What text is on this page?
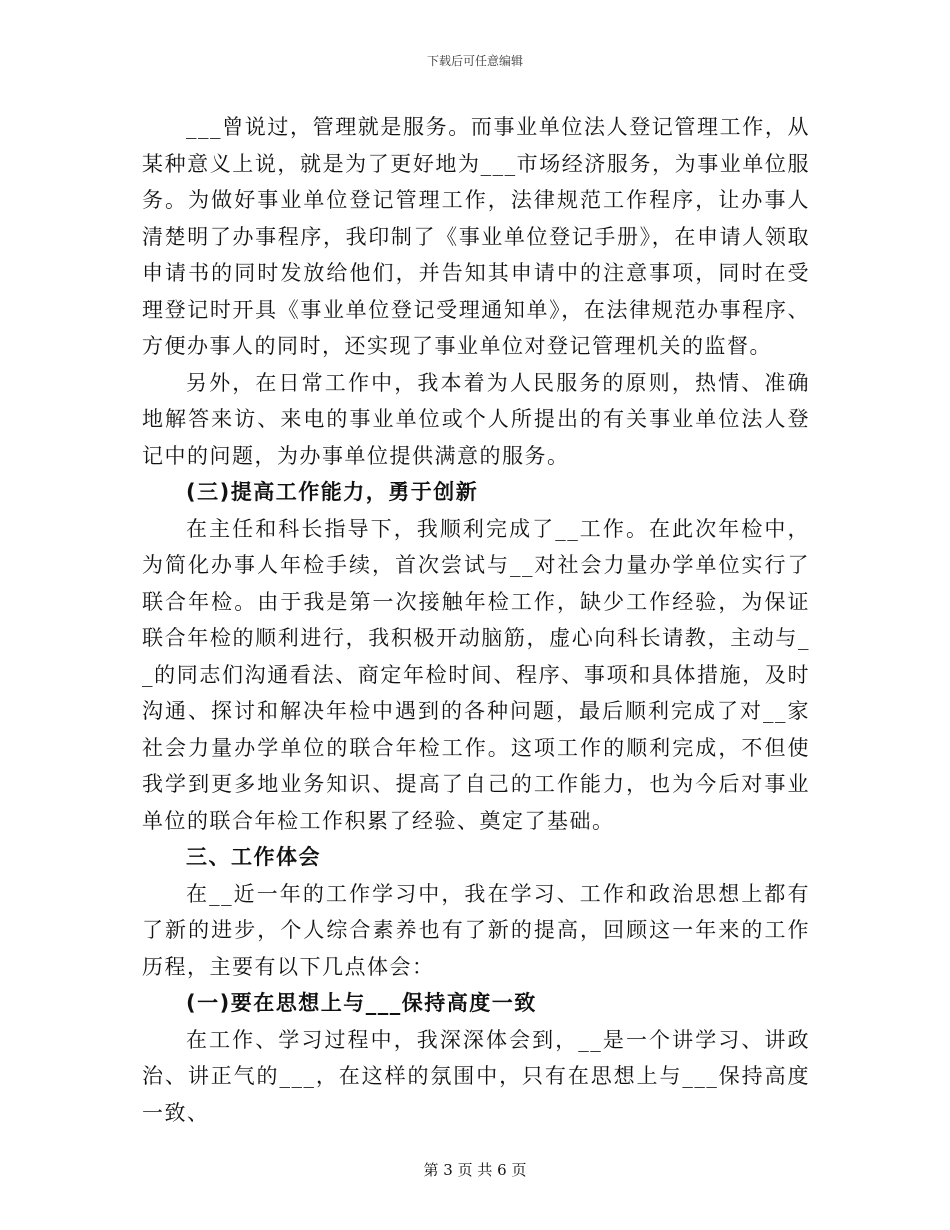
下载后可任意编辑

___曾说过，管理就是服务。而事业单位法人登记管理工作，从某种意义上说，就是为了更好地为___市场经济服务，为事业单位服务。为做好事业单位登记管理工作，法律规范工作程序，让办事人清楚明了办事程序，我印制了《事业单位登记手册》，在申请人领取申请书的同时发放给他们，并告知其申请中的注意事项，同时在受理登记时开具《事业单位登记受理通知单》，在法律规范办事程序、方便办事人的同时，还实现了事业单位对登记管理机关的监督。

另外，在日常工作中，我本着为人民服务的原则，热情、准确地解答来访、来电的事业单位或个人所提出的有关事业单位法人登记中的问题，为办事单位提供满意的服务。

(三)提高工作能力，勇于创新

在主任和科长指导下，我顺利完成了__工作。在此次年检中，为简化办事人年检手续，首次尝试与__对社会力量办学单位实行了联合年检。由于我是第一次接触年检工作，缺少工作经验，为保证联合年检的顺利进行，我积极开动脑筋，虚心向科长请教，主动与__的同志们沟通看法、商定年检时间、程序、事项和具体措施，及时沟通、探讨和解决年检中遇到的各种问题，最后顺利完成了对__家社会力量办学单位的联合年检工作。这项工作的顺利完成，不但使我学到更多地业务知识、提高了自己的工作能力，也为今后对事业单位的联合年检工作积累了经验、奠定了基础。

三、工作体会

在__近一年的工作学习中，我在学习、工作和政治思想上都有了新的进步，个人综合素养也有了新的提高，回顾这一年来的工作历程，主要有以下几点体会：

(一)要在思想上与___保持高度一致

在工作、学习过程中，我深深体会到，__是一个讲学习、讲政治、讲正气的___，在这样的氛围中，只有在思想上与___保持高度一致、

第 3 页 共 6 页
